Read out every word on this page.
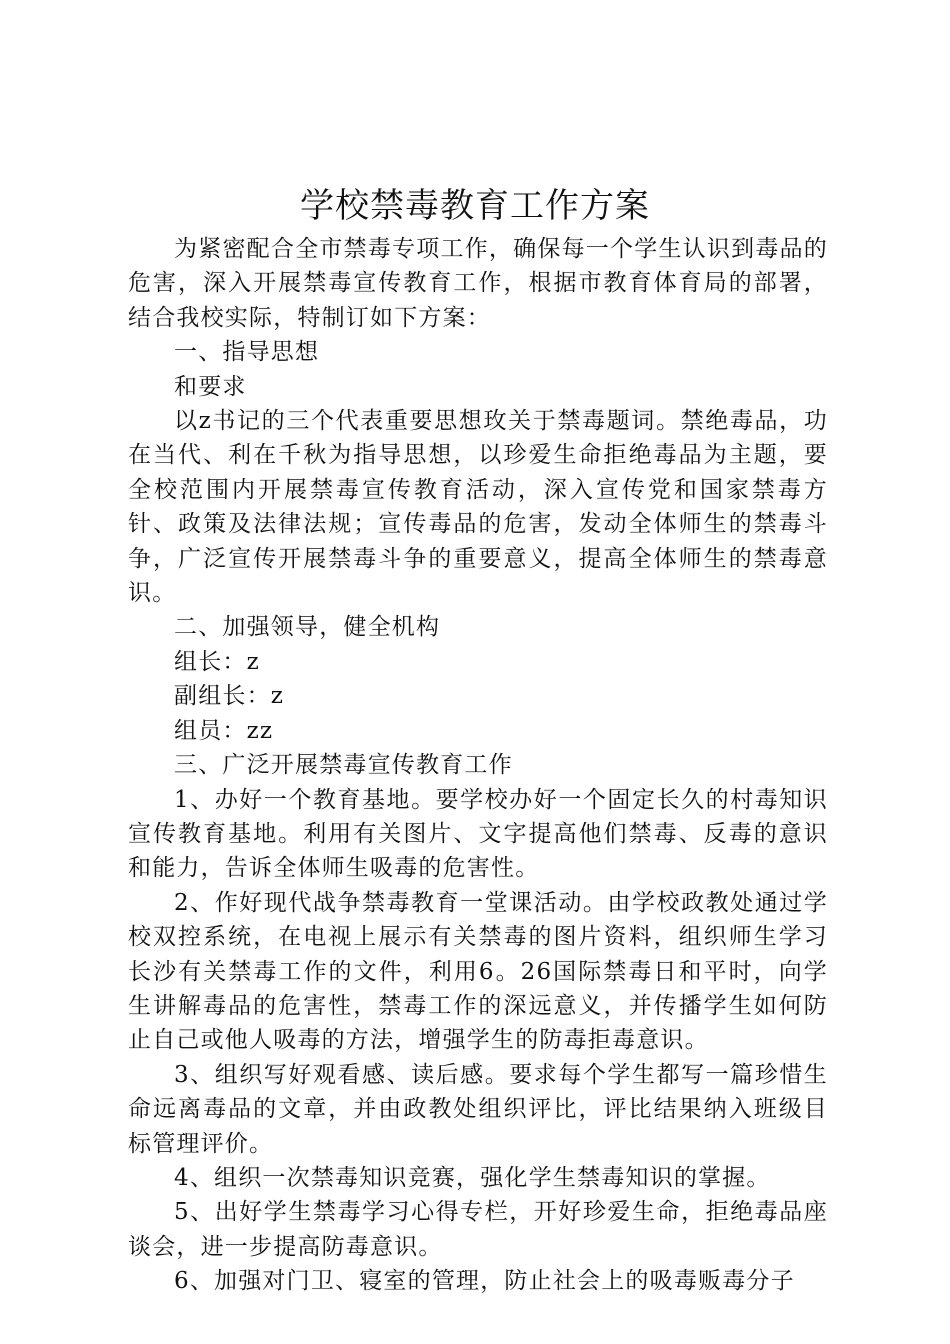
学校禁毒教育工作方案

为紧密配合全市禁毒专项工作，确保每一个学生认识到毒品的危害，深入开展禁毒宣传教育工作，根据市教育体育局的部署，结合我校实际，特制订如下方案：

一、指导思想

和要求

以z书记的三个代表重要思想玫关于禁毒题词。禁绝毒品，功在当代、利在千秋为指导思想，以珍爱生命拒绝毒品为主题，要全校范围内开展禁毒宣传教育活动，深入宣传党和国家禁毒方针、政策及法律法规；宣传毒品的危害，发动全体师生的禁毒斗争，广泛宣传开展禁毒斗争的重要意义，提高全体师生的禁毒意识。

二、加强领导，健全机构

组长：z

副组长：z

组员：zz

三、广泛开展禁毒宣传教育工作

1、办好一个教育基地。要学校办好一个固定长久的村毒知识宣传教育基地。利用有关图片、文字提高他们禁毒、反毒的意识和能力，告诉全体师生吸毒的危害性。

2、作好现代战争禁毒教育一堂课活动。由学校政教处通过学校双控系统，在电视上展示有关禁毒的图片资料，组织师生学习长沙有关禁毒工作的文件，利用6。26国际禁毒日和平时，向学生讲解毒品的危害性，禁毒工作的深远意义，并传播学生如何防止自己或他人吸毒的方法，增强学生的防毒拒毒意识。

3、组织写好观看感、读后感。要求每个学生都写一篇珍惜生命远离毒品的文章，并由政教处组织评比，评比结果纳入班级目标管理评价。

4、组织一次禁毒知识竞赛，强化学生禁毒知识的掌握。

5、出好学生禁毒学习心得专栏，开好珍爱生命，拒绝毒品座谈会，进一步提高防毒意识。

6、加强对门卫、寝室的管理，防止社会上的吸毒贩毒分子
